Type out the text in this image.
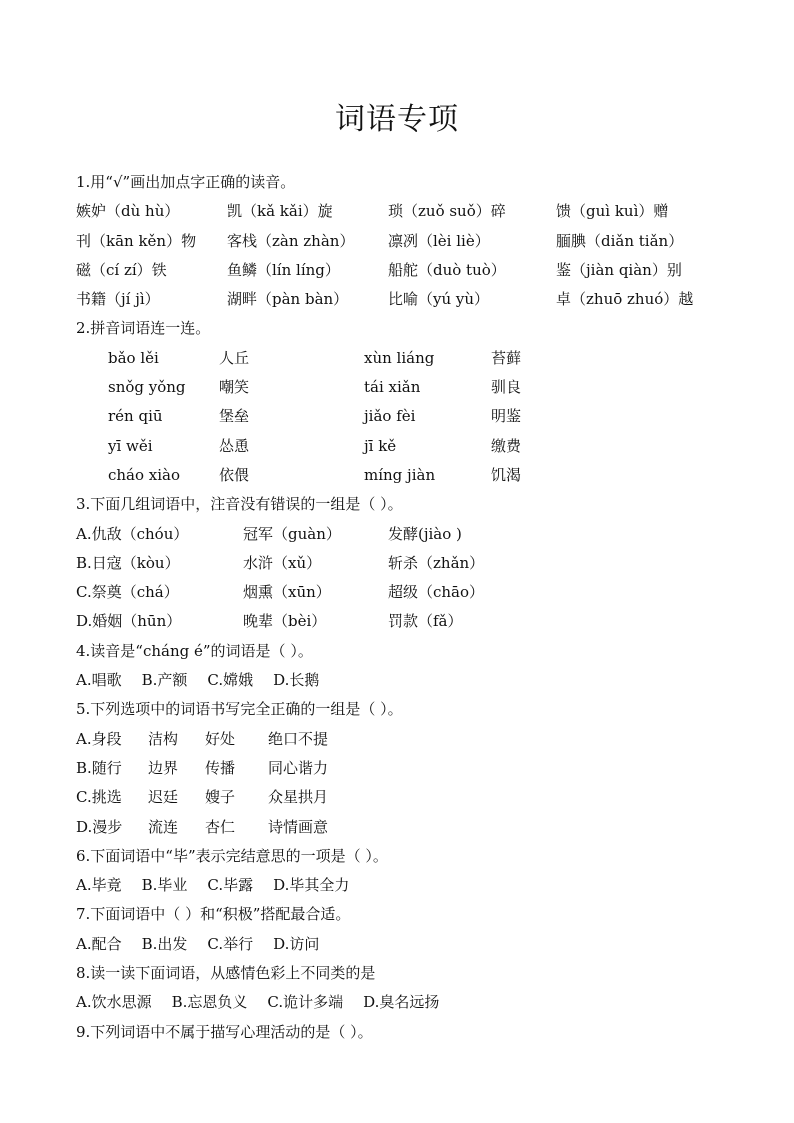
词语专项
1.用“√”画出加点字正确的读音。
嫉妒（dù hù）	凯（kǎ kǎi）旋	琐（zuǒ suǒ）碎	馈（guì kuì）赠
刊（kān kěn）物 客栈（zàn zhàn） 凛冽（lèi liè）	腼腆（diǎn tiǎn）
磁（cí zí）铁	鱼鳞（lín líng）	船舵（duò tuò）	鉴（jiàn qiàn）别
书籍（jí jì）	湖畔（pàn bàn）	比喻（yú yù）	卓（zhuō zhuó）越
2.拼音词语连一连。
bǎo lěi	人丘	xùn liáng	苔藓
snǒg yǒng 嘲笑	tái xiǎn	驯良
rén qiū	堡垒	jiǎo fèi	明鉴
yī wěi	怂恿	jī kě	缴费
cháo xiào	依偎	míng jiàn	饥渴
3.下面几组词语中，注音没有错误的一组是（ ）。
A.仇敌（chóu）	冠军（guàn）	发酵(jiào )
B.日寇（kòu）	水浒（xǔ）	斩杀（zhǎn）
C.祭奠（chá）	烟熏（xūn）	超级（chāo）
D.婚姻（hūn）	晚辈（bèi）	罚款（fǎ）
4.读音是“cháng é”的词语是（ ）。
A.唱歌 B.产额 C.嫦娥 D.长鹅
5.下列选项中的词语书写完全正确的一组是（ ）。
A.身段 洁构 好处 绝口不提
B.随行 边界 传播 同心谐力
C.挑选 迟廷 嫂子 众星拱月
D.漫步 流连 杏仁 诗情画意
6.下面词语中“毕”表示完结意思的一项是（ ）。
A.毕竟 B.毕业 C.毕露 D.毕其全力
7.下面词语中（ ）和“积极”搭配最合适。
A.配合 B.出发 C.举行 D.访问
8.读一读下面词语，从感情色彩上不同类的是
A.饮水思源 B.忘恩负义 C.诡计多端 D.臭名远扬
9.下列词语中不属于描写心理活动的是（ ）。
